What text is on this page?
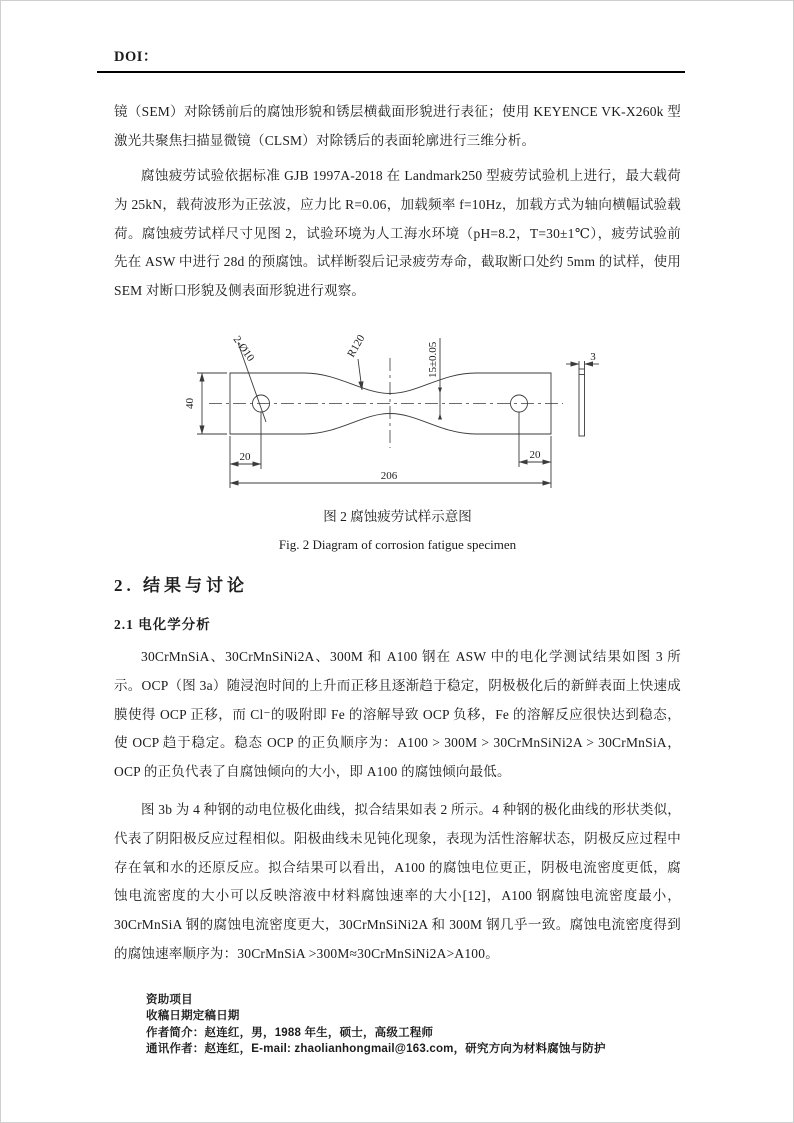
DOI：
镜（SEM）对除锈前后的腐蚀形貌和锈层横截面形貌进行表征；使用 KEYENCE VK-X260k 型激光共聚焦扫描显微镜（CLSM）对除锈后的表面轮廓进行三维分析。
腐蚀疲劳试验依据标准 GJB 1997A-2018 在 Landmark250 型疲劳试验机上进行，最大载荷为 25kN，载荷波形为正弦波，应力比 R=0.06，加载频率 f=10Hz，加载方式为轴向横幅试验载荷。腐蚀疲劳试样尺寸见图 2，试验环境为人工海水环境（pH=8.2，T=30±1℃），疲劳试验前先在 ASW 中进行 28d 的预腐蚀。试样断裂后记录疲劳寿命，截取断口处约 5mm 的试样，使用 SEM 对断口形貌及侧表面形貌进行观察。
40
2-Ø10	R120	15±0.05
20	20
206
3
图 2 腐蚀疲劳试样示意图
Fig. 2 Diagram of corrosion fatigue specimen
2. 结果与讨论
2.1 电化学分析
30CrMnSiA、30CrMnSiNi2A、300M 和 A100 钢在 ASW 中的电化学测试结果如图 3 所示。OCP（图 3a）随浸泡时间的上升而正移且逐渐趋于稳定，阴极极化后的新鲜表面上快速成膜使得 OCP 正移，而 Cl⁻的吸附即 Fe 的溶解导致 OCP 负移，Fe 的溶解反应很快达到稳态，使 OCP 趋于稳定。稳态 OCP 的正负顺序为：A100 > 300M > 30CrMnSiNi2A > 30CrMnSiA，OCP 的正负代表了自腐蚀倾向的大小，即 A100 的腐蚀倾向最低。
图 3b 为 4 种钢的动电位极化曲线，拟合结果如表 2 所示。4 种钢的极化曲线的形状类似，代表了阴阳极反应过程相似。阳极曲线未见钝化现象，表现为活性溶解状态，阴极反应过程中存在氧和水的还原反应。拟合结果可以看出，A100 的腐蚀电位更正，阴极电流密度更低，腐蚀电流密度的大小可以反映溶液中材料腐蚀速率的大小[12]，A100 钢腐蚀电流密度最小，30CrMnSiA 钢的腐蚀电流密度更大，30CrMnSiNi2A 和 300M 钢几乎一致。腐蚀电流密度得到的腐蚀速率顺序为：30CrMnSiA >300M≈30CrMnSiNi2A>A100。
资助项目
收稿日期定稿日期
作者简介：赵连红，男，1988 年生，硕士，高级工程师
通讯作者：赵连红，E-mail: zhaolianhongmail@163.com，研究方向为材料腐蚀与防护
